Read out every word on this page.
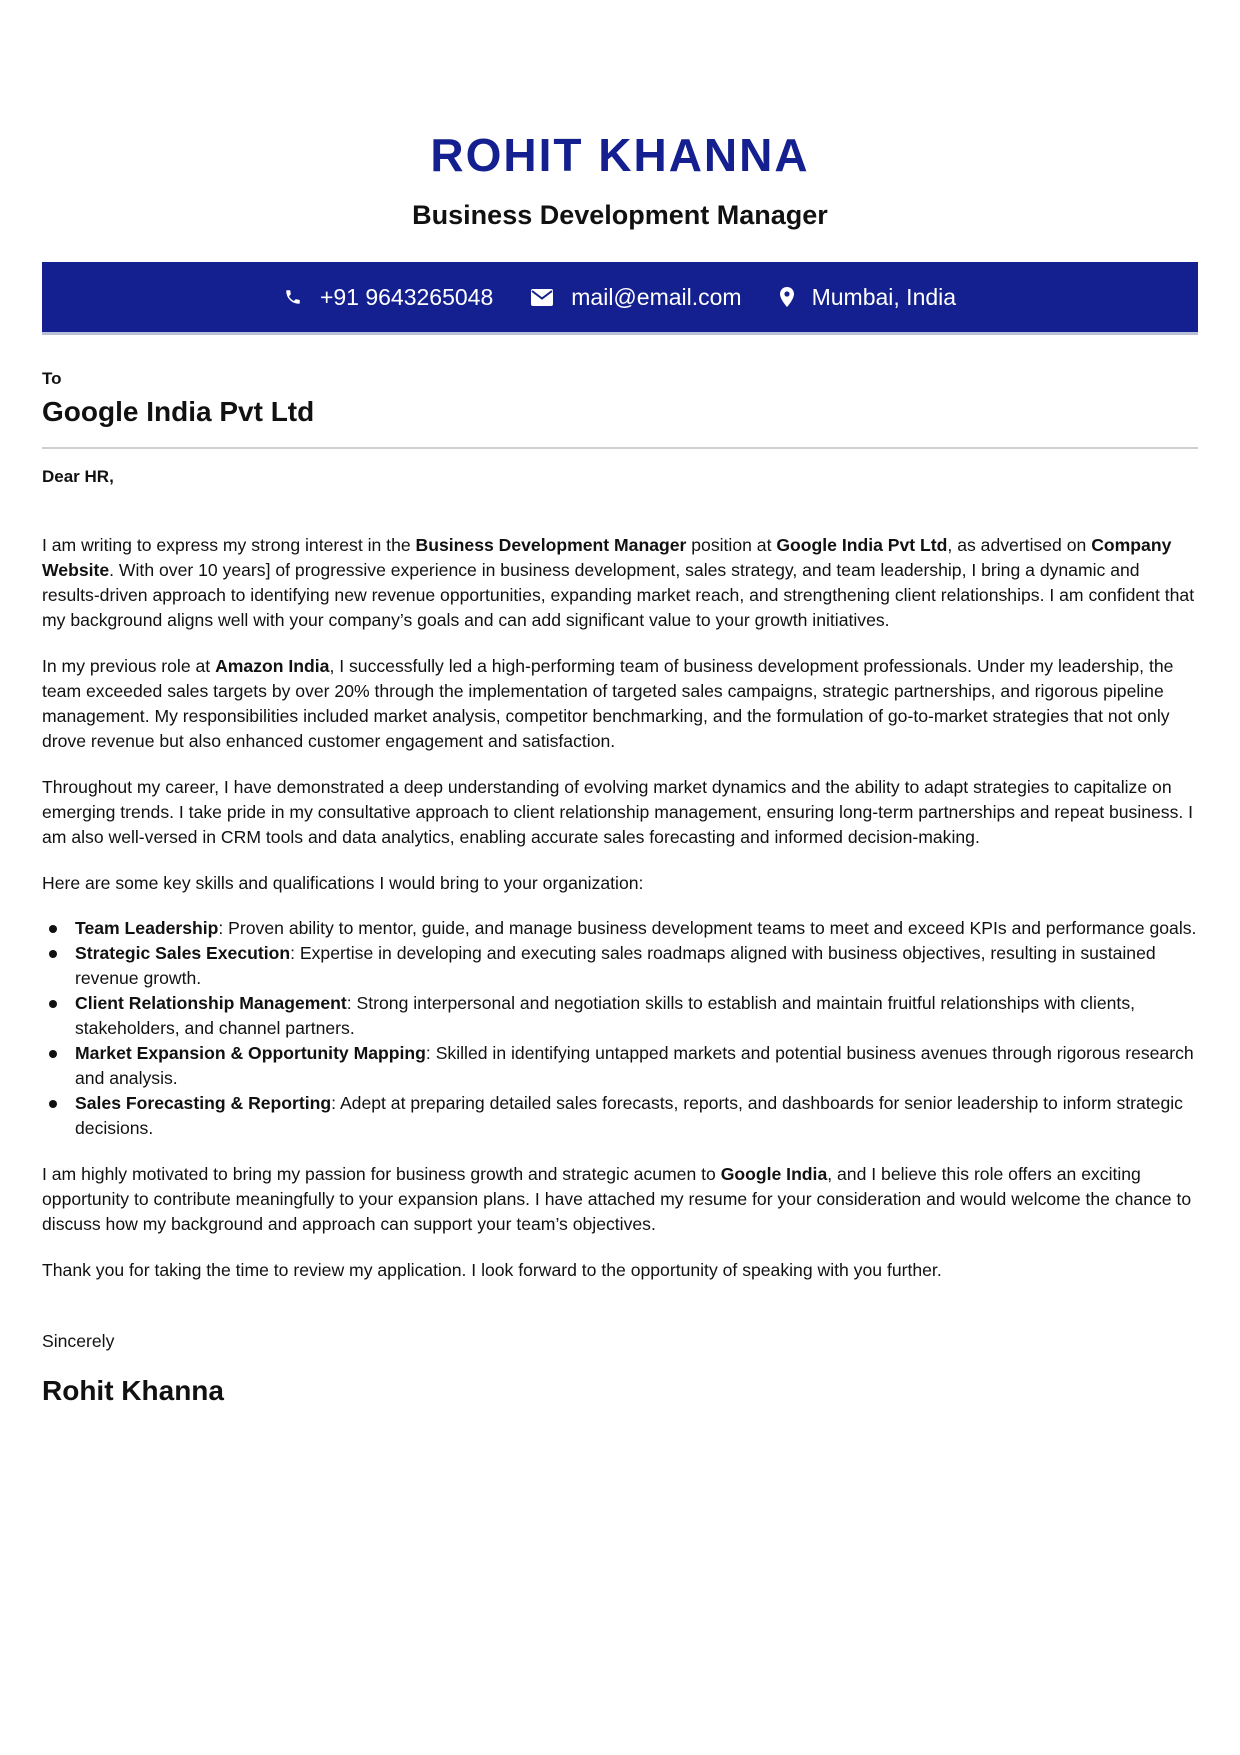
ROHIT KHANNA
Business Development Manager
+91 9643265048	mail@email.com	Mumbai, India
To
Google India Pvt Ltd
Dear HR,

I am writing to express my strong interest in the Business Development Manager position at Google India Pvt Ltd, as advertised on Company Website. With over 10 years] of progressive experience in business development, sales strategy, and team leadership, I bring a dynamic and results-driven approach to identifying new revenue opportunities, expanding market reach, and strengthening client relationships. I am confident that my background aligns well with your company’s goals and can add significant value to your growth initiatives.

In my previous role at Amazon India, I successfully led a high-performing team of business development professionals. Under my leadership, the team exceeded sales targets by over 20% through the implementation of targeted sales campaigns, strategic partnerships, and rigorous pipeline management. My responsibilities included market analysis, competitor benchmarking, and the formulation of go-to-market strategies that not only drove revenue but also enhanced customer engagement and satisfaction.

Throughout my career, I have demonstrated a deep understanding of evolving market dynamics and the ability to adapt strategies to capitalize on emerging trends. I take pride in my consultative approach to client relationship management, ensuring long-term partnerships and repeat business. I am also well-versed in CRM tools and data analytics, enabling accurate sales forecasting and informed decision-making.

Here are some key skills and qualifications I would bring to your organization:

Team Leadership: Proven ability to mentor, guide, and manage business development teams to meet and exceed KPIs and performance goals.
Strategic Sales Execution: Expertise in developing and executing sales roadmaps aligned with business objectives, resulting in sustained revenue growth.
Client Relationship Management: Strong interpersonal and negotiation skills to establish and maintain fruitful relationships with clients, stakeholders, and channel partners.
Market Expansion & Opportunity Mapping: Skilled in identifying untapped markets and potential business avenues through rigorous research and analysis.
Sales Forecasting & Reporting: Adept at preparing detailed sales forecasts, reports, and dashboards for senior leadership to inform strategic decisions.

I am highly motivated to bring my passion for business growth and strategic acumen to Google India, and I believe this role offers an exciting opportunity to contribute meaningfully to your expansion plans. I have attached my resume for your consideration and would welcome the chance to discuss how my background and approach can support your team’s objectives.

Thank you for taking the time to review my application. I look forward to the opportunity of speaking with you further.

Sincerely
Rohit Khanna
